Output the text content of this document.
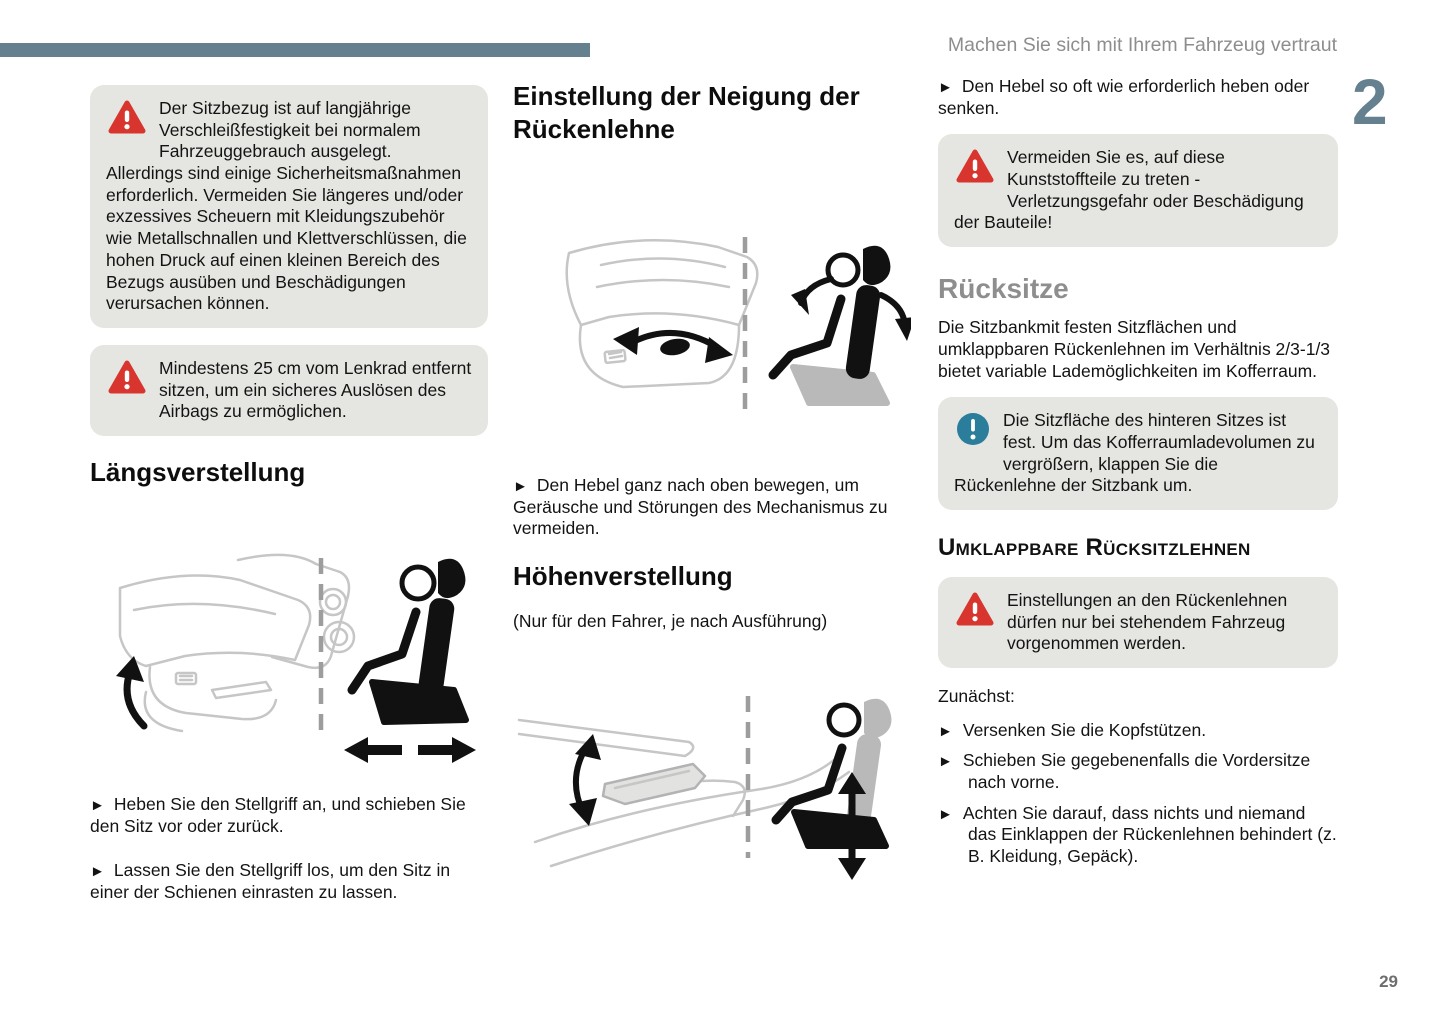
Machen Sie sich mit Ihrem Fahrzeug vertraut
2
29
Der Sitzbezug ist auf langjährige Verschleißfestigkeit bei normalem Fahrzeuggebrauch ausgelegt. Allerdings sind einige Sicherheitsmaßnahmen erforderlich. Vermeiden Sie längeres und/oder exzessives Scheuern mit Kleidungszubehör wie Metallschnallen und Klettverschlüssen, die hohen Druck auf einen kleinen Bereich des Bezugs ausüben und Beschädigungen verursachen können.
Mindestens 25 cm vom Lenkrad entfernt sitzen, um ein sicheres Auslösen des Airbags zu ermöglichen.
Längsverstellung

► Heben Sie den Stellgriff an, und schieben Sie den Sitz vor oder zurück.

► Lassen Sie den Stellgriff los, um den Sitz in einer der Schienen einrasten zu lassen.

Einstellung der Neigung der Rückenlehne

► Den Hebel ganz nach oben bewegen, um Geräusche und Störungen des Mechanismus zu vermeiden.

Höhenverstellung

(Nur für den Fahrer, je nach Ausführung)

► Den Hebel so oft wie erforderlich heben oder senken.

Vermeiden Sie es, auf diese Kunststoffteile zu treten - Verletzungsgefahr oder Beschädigung der Bauteile!
Rücksitze

Die Sitzbankmit festen Sitzflächen und umklappbaren Rückenlehnen im Verhältnis 2/3-1/3 bietet variable Lademöglichkeiten im Kofferraum.

Die Sitzfläche des hinteren Sitzes ist fest. Um das Kofferraumladevolumen zu vergrößern, klappen Sie die Rückenlehne der Sitzbank um.
Umklappbare Rücksitzlehnen
Einstellungen an den Rückenlehnen dürfen nur bei stehendem Fahrzeug vorgenommen werden.

Zunächst:

► Versenken Sie die Kopfstützen.

► Schieben Sie gegebenenfalls die Vordersitze nach vorne.

► Achten Sie darauf, dass nichts und niemand das Einklappen der Rückenlehnen behindert (z. B. Kleidung, Gepäck).
